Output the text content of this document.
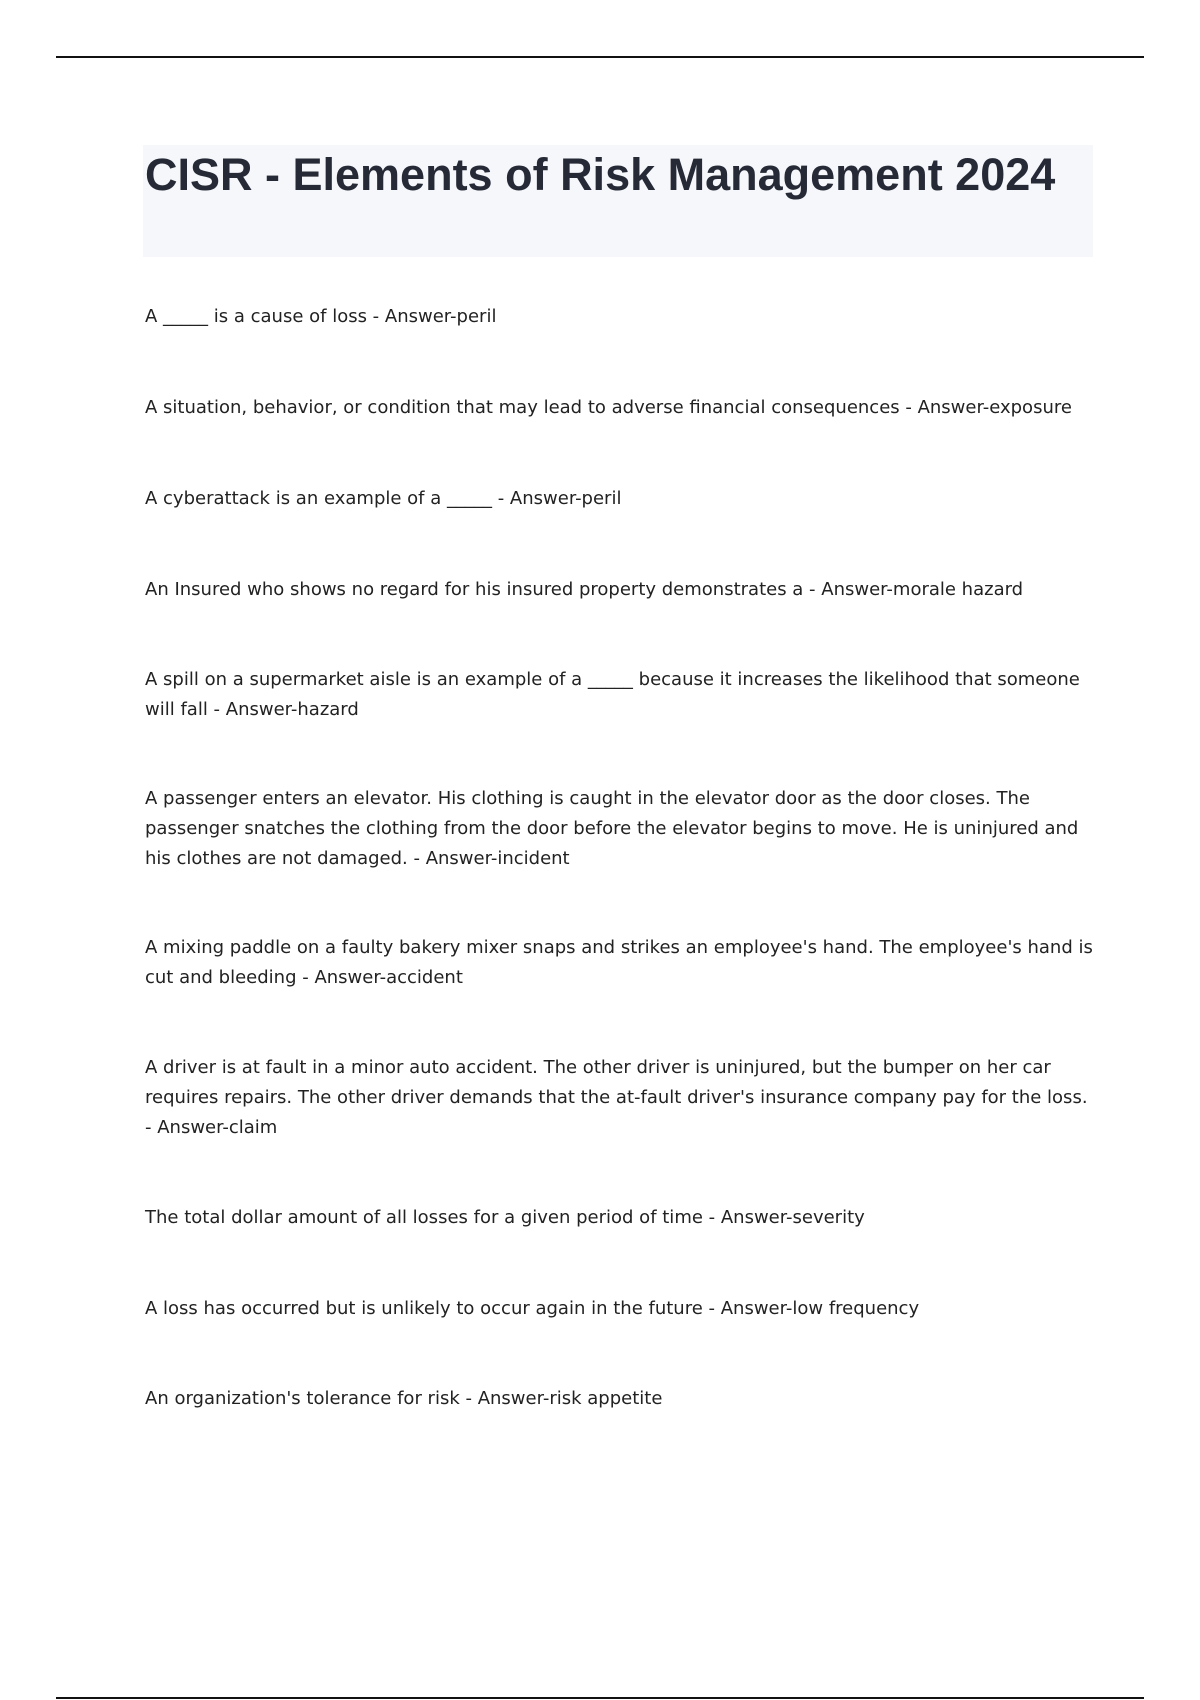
CISR - Elements of Risk Management 2024

A _____ is a cause of loss - Answer-peril

A situation, behavior, or condition that may lead to adverse financial consequences - Answer-exposure

A cyberattack is an example of a _____ - Answer-peril

An Insured who shows no regard for his insured property demonstrates a - Answer-morale hazard

A spill on a supermarket aisle is an example of a _____ because it increases the likelihood that someone will fall - Answer-hazard

A passenger enters an elevator. His clothing is caught in the elevator door as the door closes. The passenger snatches the clothing from the door before the elevator begins to move. He is uninjured and his clothes are not damaged. - Answer-incident

A mixing paddle on a faulty bakery mixer snaps and strikes an employee's hand. The employee's hand is cut and bleeding - Answer-accident

A driver is at fault in a minor auto accident. The other driver is uninjured, but the bumper on her car requires repairs. The other driver demands that the at-fault driver's insurance company pay for the loss. - Answer-claim

The total dollar amount of all losses for a given period of time - Answer-severity

A loss has occurred but is unlikely to occur again in the future - Answer-low frequency

An organization's tolerance for risk - Answer-risk appetite
